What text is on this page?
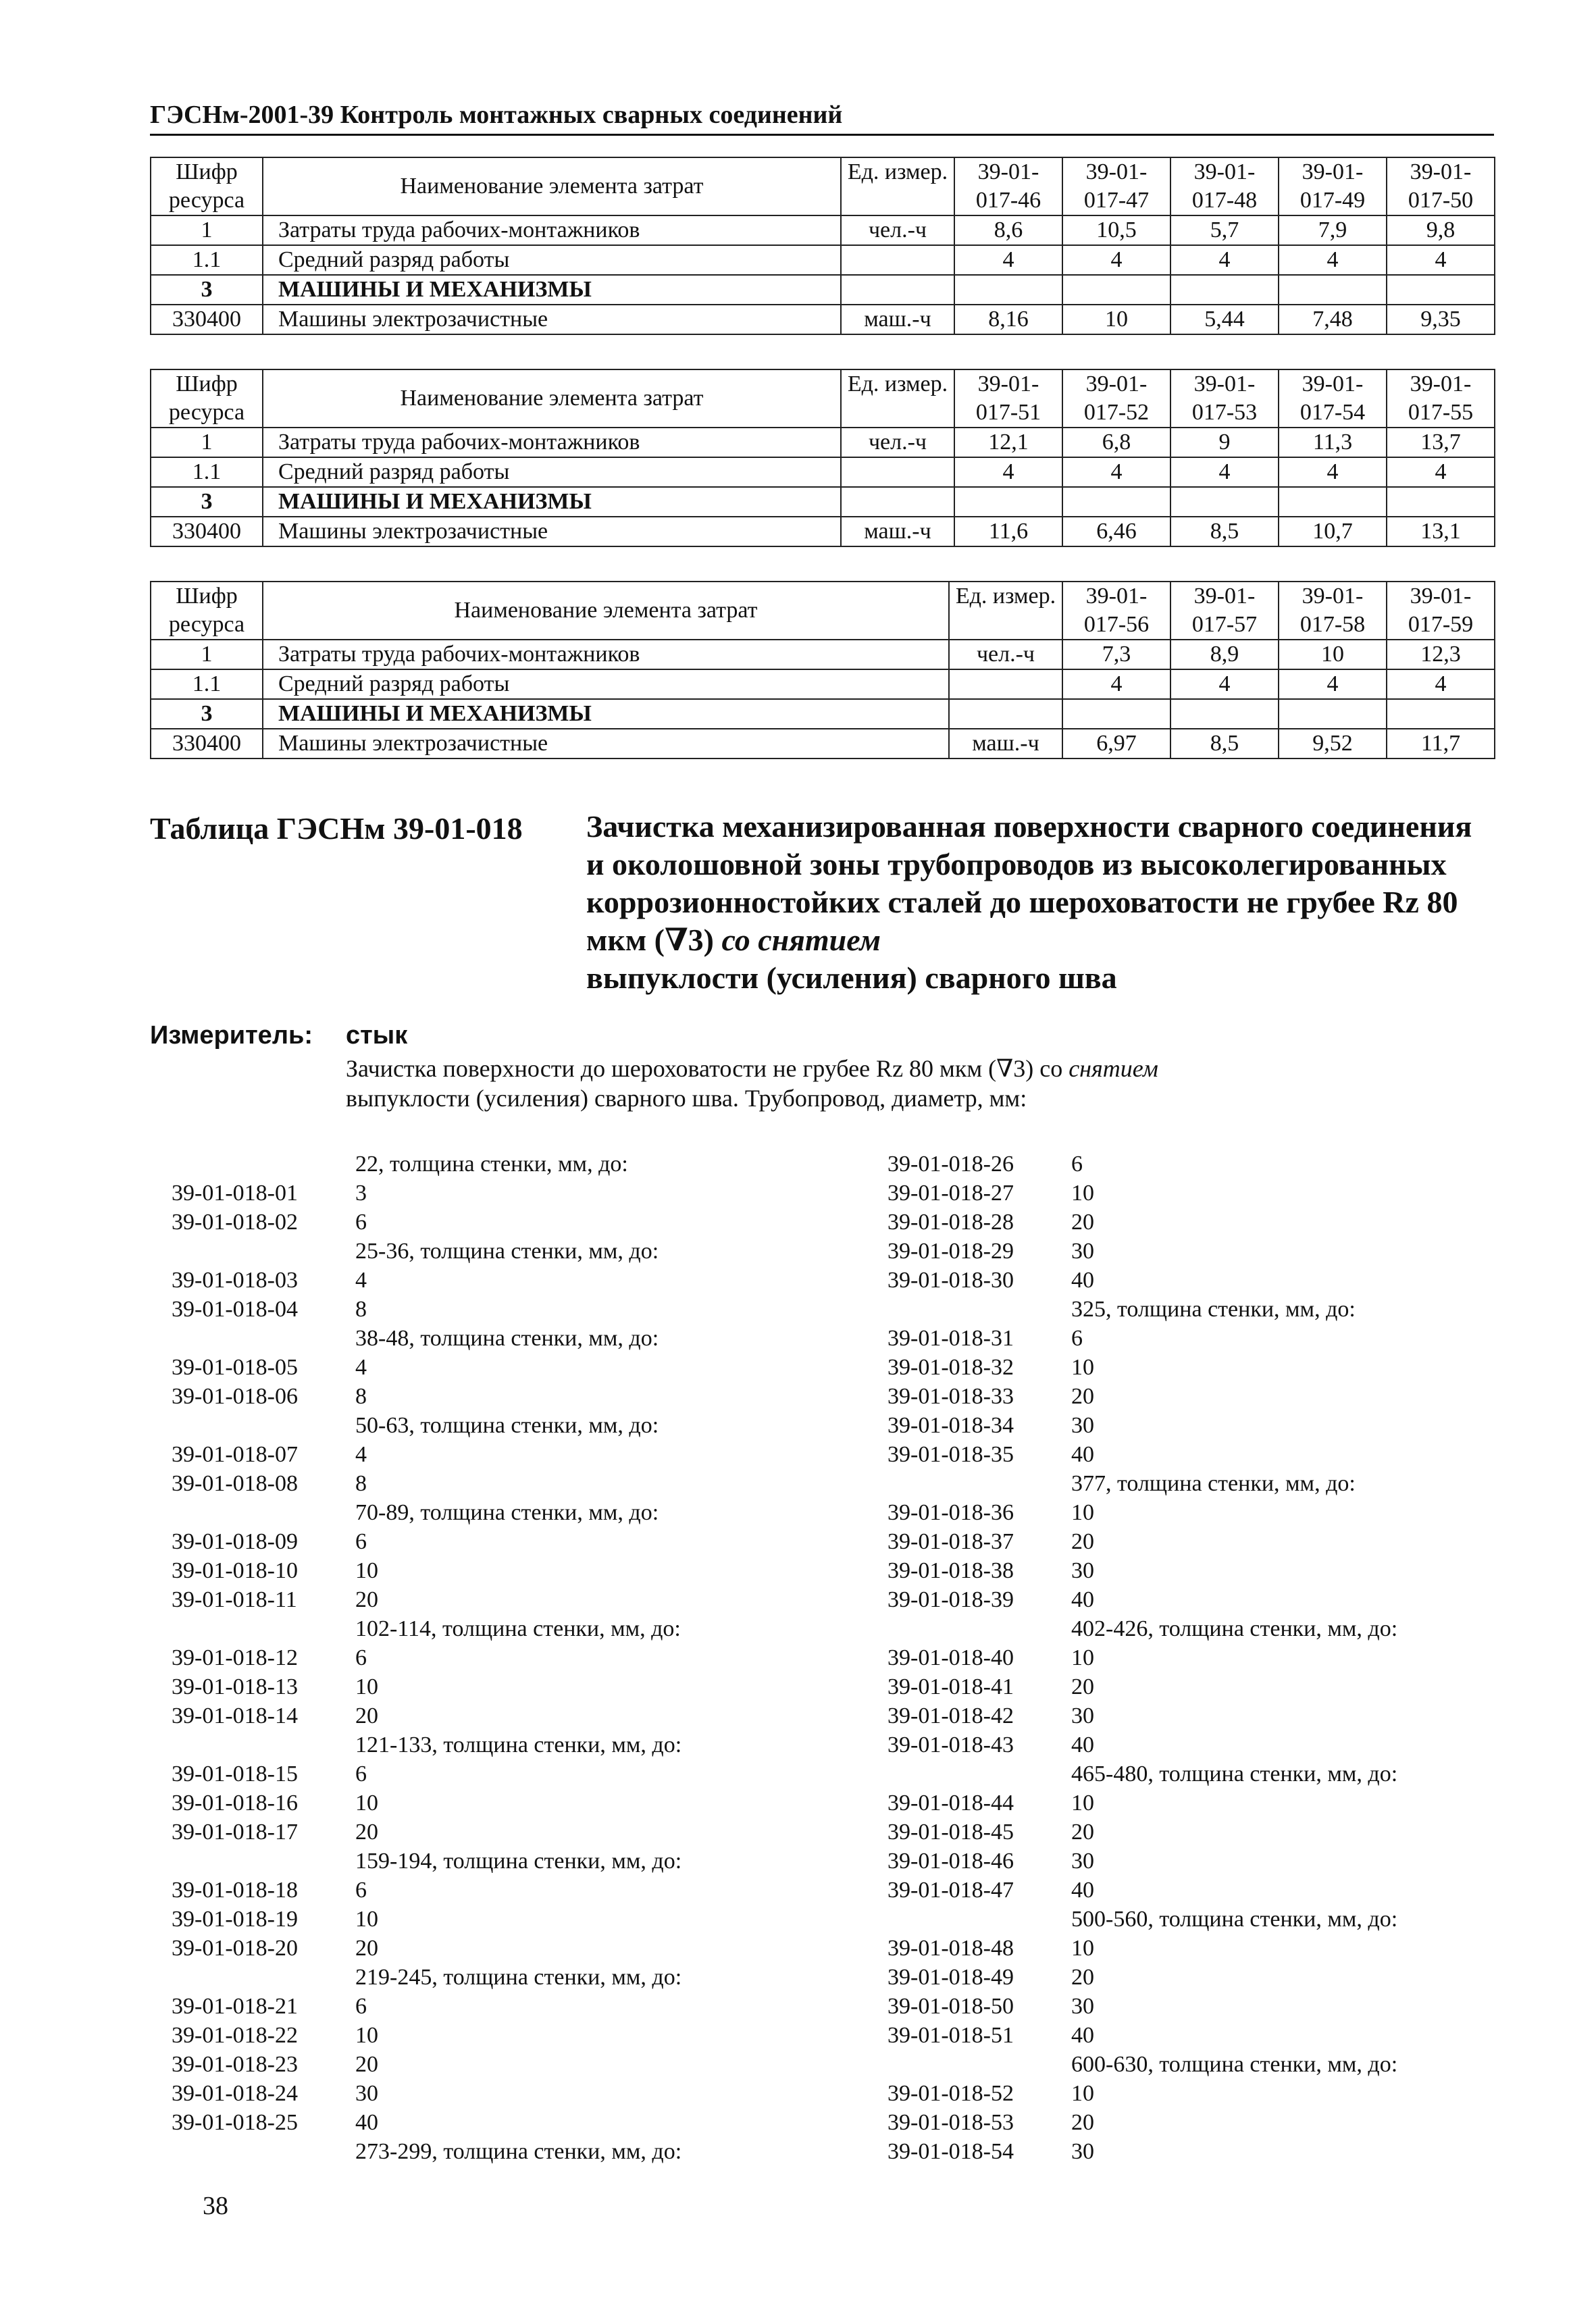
ГЭСНм-2001-39 Контроль монтажных сварных соединений
Шифр ресурса	Наименование элемента затрат	Ед. измер.	39-01-017-46	39-01-017-47	39-01-017-48	39-01-017-49	39-01-017-50
1	Затраты труда рабочих-монтажников	чел.-ч	8,6	10,5	5,7	7,9	9,8
1.1	Средний разряд работы		4	4	4	4	4
3	МАШИНЫ И МЕХАНИЗМЫ						
330400	Машины электрозачистные	маш.-ч	8,16	10	5,44	7,48	9,35
Шифр ресурса	Наименование элемента затрат	Ед. измер.	39-01-017-51	39-01-017-52	39-01-017-53	39-01-017-54	39-01-017-55
1	Затраты труда рабочих-монтажников	чел.-ч	12,1	6,8	9	11,3	13,7
1.1	Средний разряд работы		4	4	4	4	4
3	МАШИНЫ И МЕХАНИЗМЫ						
330400	Машины электрозачистные	маш.-ч	11,6	6,46	8,5	10,7	13,1
Шифр ресурса	Наименование элемента затрат	Ед. измер.	39-01-017-56	39-01-017-57	39-01-017-58	39-01-017-59
1	Затраты труда рабочих-монтажников	чел.-ч	7,3	8,9	10	12,3
1.1	Средний разряд работы		4	4	4	4
3	МАШИНЫ И МЕХАНИЗМЫ					
330400	Машины электрозачистные	маш.-ч	6,97	8,5	9,52	11,7
Таблица ГЭСНм 39-01-018 Зачистка механизированная поверхности сварного соединения и околошовной зоны трубопроводов из высоколегированных коррозионностойких сталей до шероховатости не грубее Rz 80 мкм (∇3) со снятием
выпуклости (усиления) сварного шва
Измеритель: стык
Зачистка поверхности до шероховатости не грубее Rz 80 мкм (∇3) со снятием
выпуклости (усиления) сварного шва. Трубопровод, диаметр, мм:
22, толщина стенки, мм, до:
39-01-018-01	3
39-01-018-02	6
25-36, толщина стенки, мм, до:
39-01-018-03	4
39-01-018-04	8
38-48, толщина стенки, мм, до:
39-01-018-05	4
39-01-018-06	8
50-63, толщина стенки, мм, до:
39-01-018-07	4
39-01-018-08	8
70-89, толщина стенки, мм, до:
39-01-018-09	6
39-01-018-10	10
39-01-018-11	20
102-114, толщина стенки, мм, до:
39-01-018-12	6
39-01-018-13	10
39-01-018-14	20
121-133, толщина стенки, мм, до:
39-01-018-15	6
39-01-018-16	10
39-01-018-17	20
159-194, толщина стенки, мм, до:
39-01-018-18	6
39-01-018-19	10
39-01-018-20	20
219-245, толщина стенки, мм, до:
39-01-018-21	6
39-01-018-22	10
39-01-018-23	20
39-01-018-24	30
39-01-018-25	40
273-299, толщина стенки, мм, до:
39-01-018-26	6
39-01-018-27	10
39-01-018-28	20
39-01-018-29	30
39-01-018-30	40
325, толщина стенки, мм, до:
39-01-018-31	6
39-01-018-32	10
39-01-018-33	20
39-01-018-34	30
39-01-018-35	40
377, толщина стенки, мм, до:
39-01-018-36	10
39-01-018-37	20
39-01-018-38	30
39-01-018-39	40
402-426, толщина стенки, мм, до:
39-01-018-40	10
39-01-018-41	20
39-01-018-42	30
39-01-018-43	40
465-480, толщина стенки, мм, до:
39-01-018-44	10
39-01-018-45	20
39-01-018-46	30
39-01-018-47	40
500-560, толщина стенки, мм, до:
39-01-018-48	10
39-01-018-49	20
39-01-018-50	30
39-01-018-51	40
600-630, толщина стенки, мм, до:
39-01-018-52	10
39-01-018-53	20
39-01-018-54	30
38
